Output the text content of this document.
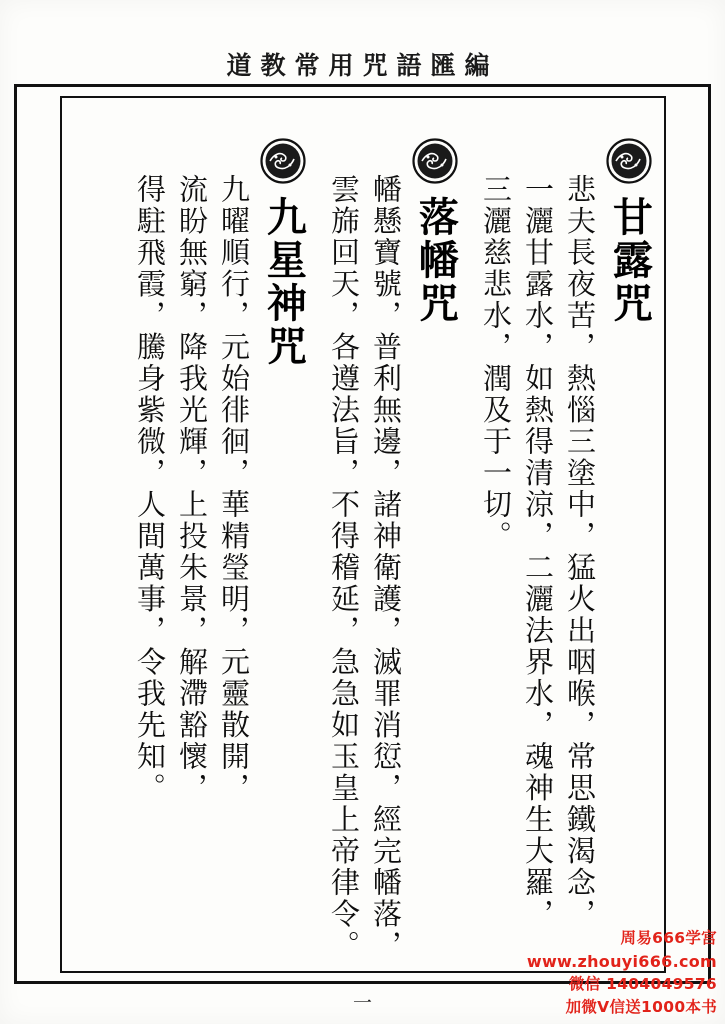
道教常用咒語匯編
甘露咒
悲夫長夜苦，熱惱三塗中，猛火出咽喉，常思鐵渴念，
一灑甘露水，如熱得清涼，二灑法界水，魂神生大羅，
三灑慈悲水，潤及于一切。
落幡咒
幡懸寶號，普利無邊，諸神衛護，滅罪消愆，經完幡落，
雲旆回天，各遵法旨，不得稽延，急急如玉皇上帝律令。
九星神咒
九曜順行，元始徘徊，華精瑩明，元靈散開，
流盼無窮，降我光輝，上投朱景，解滯豁懷，
得駐飛霞，騰身紫微，人間萬事，令我先知。
一
周易666学宫
www.zhouyi666.com
微信 1404049576
加微V信送1000本书
